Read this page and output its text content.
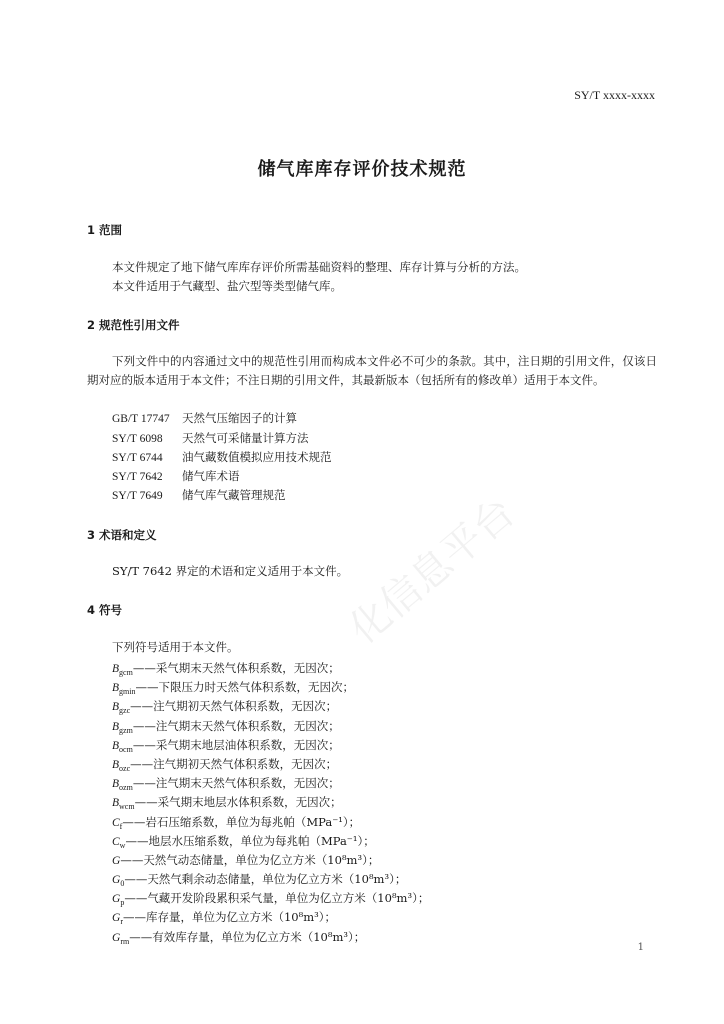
化信息平台
SY/T xxxx-xxxx
储气库库存评价技术规范
1 范围
本文件规定了地下储气库库存评价所需基础资料的整理、库存计算与分析的方法。
本文件适用于气藏型、盐穴型等类型储气库。
2 规范性引用文件
下列文件中的内容通过文中的规范性引用而构成本文件必不可少的条款。其中，注日期的引用文件，仅该日期对应的版本适用于本文件；不注日期的引用文件，其最新版本（包括所有的修改单）适用于本文件。
GB/T 17747 天然气压缩因子的计算
SY/T 6098 天然气可采储量计算方法
SY/T 6744 油气藏数值模拟应用技术规范
SY/T 7642 储气库术语
SY/T 7649 储气库气藏管理规范
3 术语和定义
SY/T 7642 界定的术语和定义适用于本文件。
4 符号
下列符号适用于本文件。
$B_{gcm}——$采气期末天然气体积系数，无因次；
$B_{gmin}——$下限压力时天然气体积系数，无因次；
$B_{gzc}——$注气期初天然气体积系数，无因次；
$B_{gzm}——$注气期末天然气体积系数，无因次；
$B_{ocm}——$采气期末地层油体积系数，无因次；
$B_{ozc}——$注气期初天然气体积系数，无因次；
$B_{ozm}——$注气期末天然气体积系数，无因次；
$B_{wcm}——$采气期末地层水体积系数，无因次；
$C_f——$岩石压缩系数，单位为每兆帕（MPa⁻¹）；
$C_w——$地层水压缩系数，单位为每兆帕（MPa⁻¹）；
G——天然气动态储量，单位为亿立方米（10⁸m³）；
$G_0——$天然气剩余动态储量，单位为亿立方米（10⁸m³）；
$G_p——$气藏开发阶段累积采气量，单位为亿立方米（10⁸m³）；
$G_r——$库存量，单位为亿立方米（10⁸m³）；
$G_{rm}——$有效库存量，单位为亿立方米（10⁸m³）；
1
